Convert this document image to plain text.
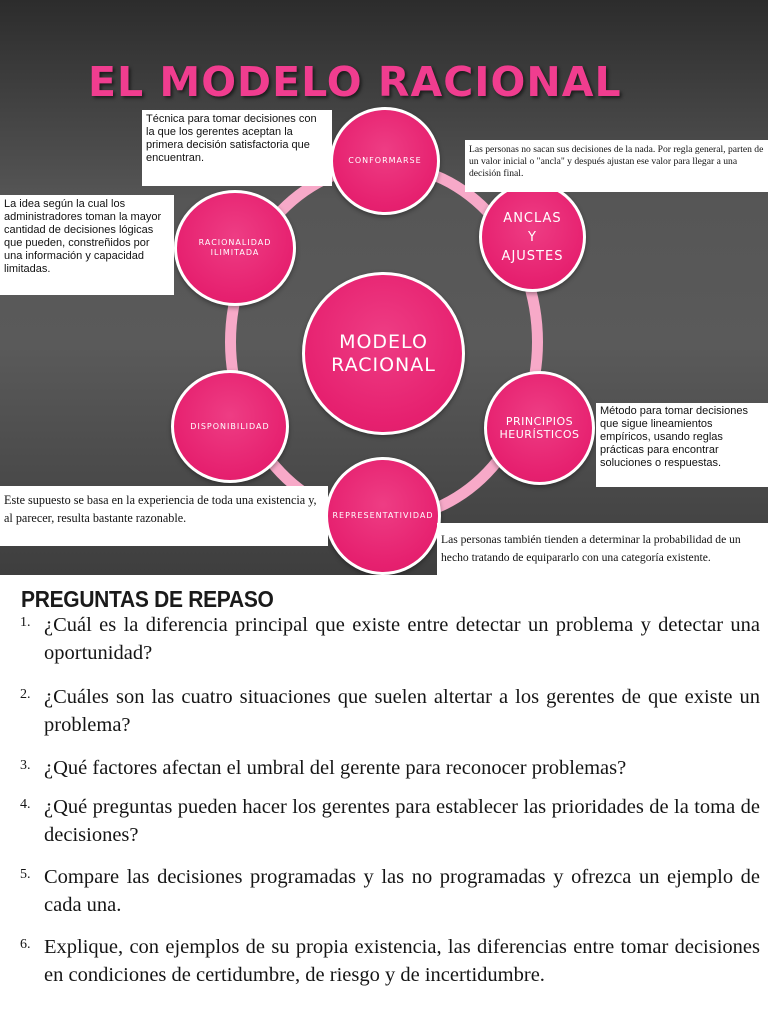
EL MODELO RACIONAL
MODELO
RACIONAL
CONFORMARSE
ANCLAS
Y
AJUSTES
RACIONALIDAD
ILIMITADA
DISPONIBILIDAD	PRINCIPIOS
HEURÍSTICOS
REPRESENTATIVIDAD
Técnica para tomar decisiones con la que los gerentes aceptan la primera decisión satisfactoria que encuentran.
La idea según la cual los administradores toman la mayor cantidad de decisiones lógicas que pueden, constreñidos por una información y capacidad limitadas.
Las personas no sacan sus decisiones de la nada. Por regla general, parten de un valor inicial o "ancla" y después ajustan ese valor para llegar a una decisión final.
Método para tomar decisiones que sigue lineamientos empíricos, usando reglas prácticas para encontrar soluciones o respuestas.
Este supuesto se basa en la experiencia de toda una existencia y, al parecer, resulta bastante razonable.
Las personas también tienden a determinar la probabilidad de un hecho tratando de equipararlo con una categoría existente.
PREGUNTAS DE REPASO
1. ¿Cuál es la diferencia principal que existe entre detectar un problema y detectar una oportunidad?
2. ¿Cuáles son las cuatro situaciones que suelen altertar a los gerentes de que existe un problema?
3. ¿Qué factores afectan el umbral del gerente para reconocer problemas?
4. ¿Qué preguntas pueden hacer los gerentes para establecer las prioridades de la toma de decisiones?
5. Compare las decisiones programadas y las no programadas y ofrezca un ejemplo de cada una.
6. Explique, con ejemplos de su propia existencia, las diferencias entre tomar decisiones en condiciones de certidumbre, de riesgo y de incertidumbre.
